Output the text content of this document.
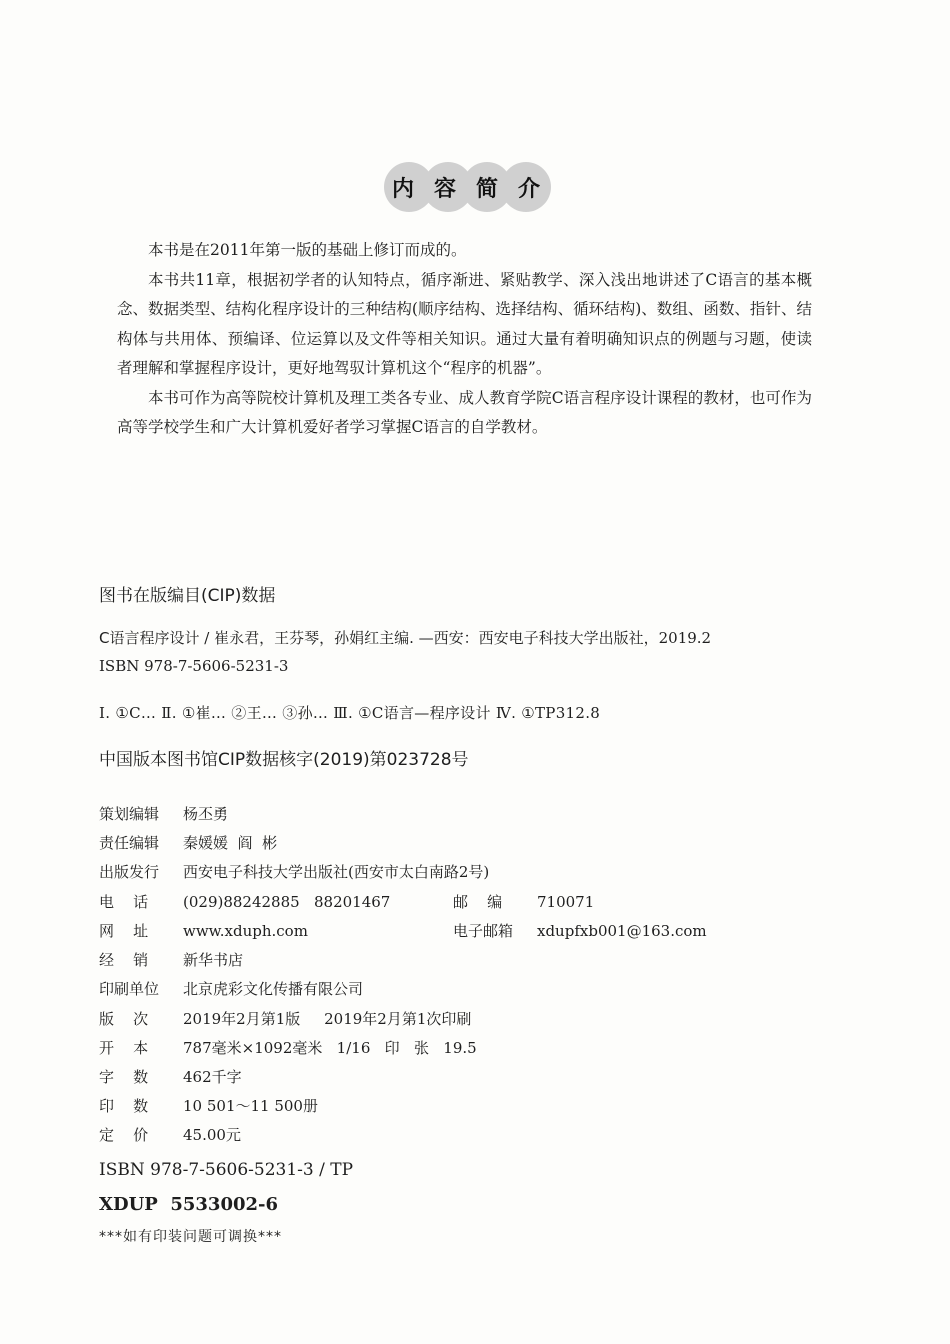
内 容 简 介

本书是在2011年第一版的基础上修订而成的。

本书共11章，根据初学者的认知特点，循序渐进、紧贴教学、深入浅出地讲述了C语言的基本概念、数据类型、结构化程序设计的三种结构(顺序结构、选择结构、循环结构)、数组、函数、指针、结构体与共用体、预编译、位运算以及文件等相关知识。通过大量有着明确知识点的例题与习题，使读者理解和掌握程序设计，更好地驾驭计算机这个“程序的机器”。

本书可作为高等院校计算机及理工类各专业、成人教育学院C语言程序设计课程的教材，也可作为高等学校学生和广大计算机爱好者学习掌握C语言的自学教材。

图书在版编目(CIP)数据
C语言程序设计 / 崔永君，王芬琴，孙娟红主编. —西安：西安电子科技大学出版社，2019.2
ISBN 978-7-5606-5231-3
Ⅰ. ①C… Ⅱ. ①崔… ②王… ③孙… Ⅲ. ①C语言—程序设计 Ⅳ. ①TP312.8
中国版本图书馆CIP数据核字(2019)第023728号
策划编辑 杨丕勇
责任编辑 秦媛媛  阎  彬
出版发行 西安电子科技大学出版社(西安市太白南路2号)
电    话 (029)88242885   88201467	邮    编 710071
网    址 www.xduph.com	电子邮箱 xdupfxb001@163.com
经    销 新华书店
印刷单位 北京虎彩文化传播有限公司
版    次 2019年2月第1版     2019年2月第1次印刷
开    本 787毫米×1092毫米   1/16   印   张   19.5
字    数 462千字
印    数 10 501～11 500册
定    价 45.00元
ISBN 978-7-5606-5231-3 / TP
XDUP  5533002-6
***如有印装问题可调换***
